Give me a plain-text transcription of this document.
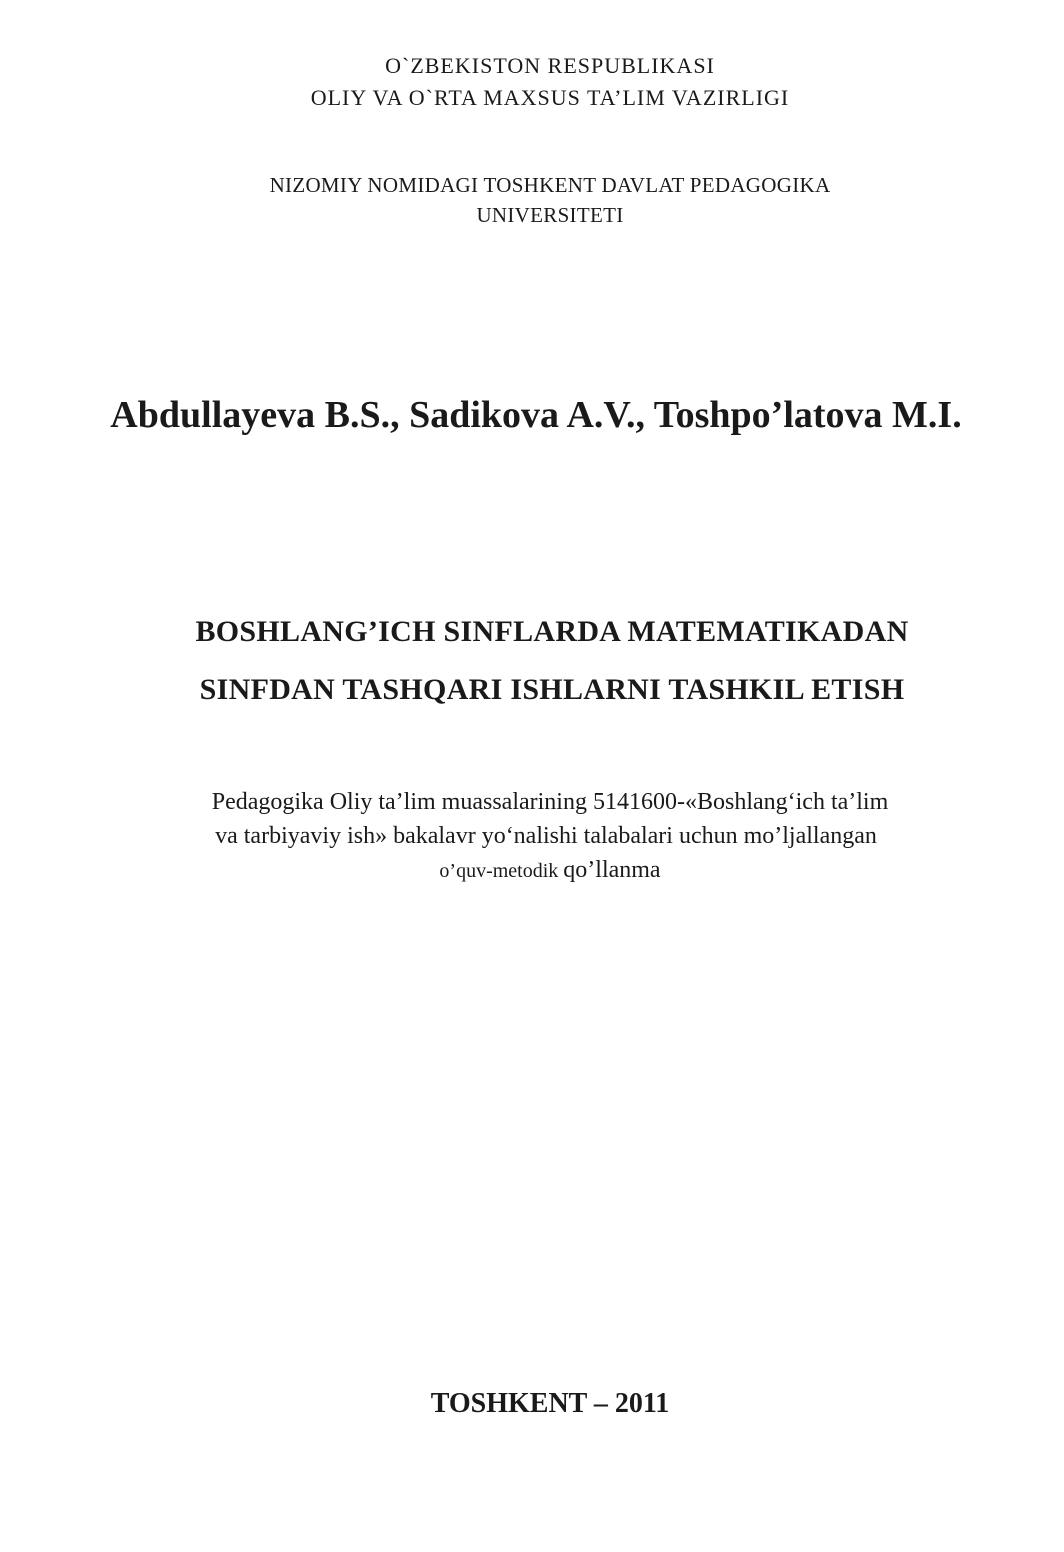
O`ZBEKISTON RESPUBLIKASI
OLIY VA O`RTA MAXSUS TA’LIM VAZIRLIGI
NIZOMIY NOMIDAGI TOSHKENT DAVLAT PEDAGOGIKA
UNIVERSITETI
Abdullayeva B.S., Sadikova A.V., Toshpo’latova M.I.
BOSHLANG’ICH SINFLARDA MATEMATIKADAN
SINFDAN TASHQARI ISHLARNI TASHKIL ETISH
Pedagogika Oliy ta’lim muassalarining 5141600-«Boshlang‘ich ta’lim
va tarbiyaviy ish» bakalavr yo‘nalishi talabalari uchun mo’ljallangan
o’quv-metodik qo’llanma
TOSHKENT – 2011
